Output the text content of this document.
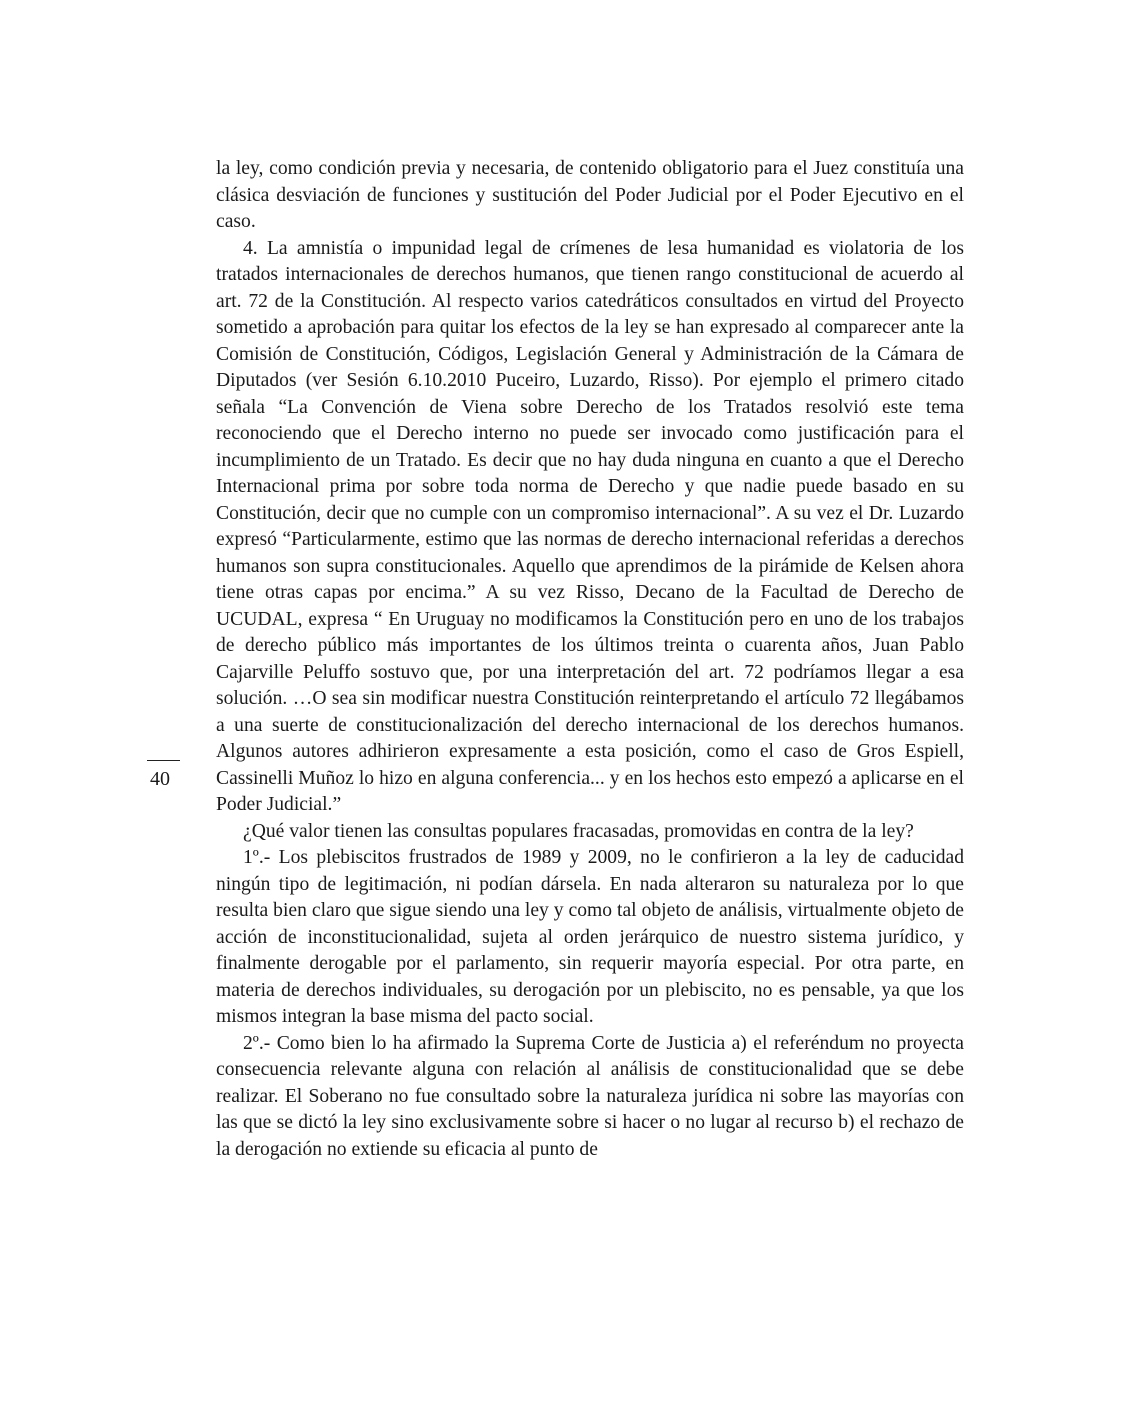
la ley, como condición previa y necesaria, de contenido obligatorio para el Juez constituía una clásica desviación de funciones y sustitución del Poder Judicial por el Poder Ejecutivo en el caso.

4. La amnistía o impunidad legal de crímenes de lesa humanidad es violatoria de los tratados internacionales de derechos humanos, que tienen rango constitucional de acuerdo al art. 72 de la Constitución. Al respecto varios catedráticos consultados en virtud del Proyecto sometido a aprobación para quitar los efectos de la ley se han expresado al comparecer ante la Comisión de Constitución, Códigos, Legislación General y Administración de la Cámara de Diputados (ver Sesión 6.10.2010 Puceiro, Luzardo, Risso). Por ejemplo el primero citado señala “La Convención de Viena sobre Derecho de los Tratados resolvió este tema reconociendo que el Derecho interno no puede ser invocado como justificación para el incumplimiento de un Tratado. Es decir que no hay duda ninguna en cuanto a que el Derecho Internacional prima por sobre toda norma de Derecho y que nadie puede basado en su Constitución, decir que no cumple con un compromiso internacional”. A su vez el Dr. Luzardo expresó “Particularmente, estimo que las normas de derecho internacional referidas a derechos humanos son supra constitucionales. Aquello que aprendimos de la pirámide de Kelsen ahora tiene otras capas por encima.” A su vez Risso, Decano de la Facultad de Derecho de UCUDAL, expresa “ En Uruguay no modificamos la Constitución pero en uno de los trabajos de derecho público más importantes de los últimos treinta o cuarenta años, Juan Pablo Cajarville Peluffo sostuvo que, por una interpretación del art. 72 podríamos llegar a esa solución. …O sea sin modificar nuestra Constitución reinterpretando el artículo 72 llegábamos a una suerte de constitucionalización del derecho internacional de los derechos humanos. Algunos autores adhirieron expresamente a esta posición, como el caso de Gros Espiell, Cassinelli Muñoz lo hizo en alguna conferencia... y en los hechos esto empezó a aplicarse en el Poder Judicial.”

¿Qué valor tienen las consultas populares fracasadas, promovidas en contra de la ley?

1º.- Los plebiscitos frustrados de 1989 y 2009, no le confirieron a la ley de caducidad ningún tipo de legitimación, ni podían dársela. En nada alteraron su naturaleza por lo que resulta bien claro que sigue siendo una ley y como tal objeto de análisis, virtualmente objeto de acción de inconstitucionalidad, sujeta al orden jerárquico de nuestro sistema jurídico, y finalmente derogable por el parlamento, sin requerir mayoría especial. Por otra parte, en materia de derechos individuales, su derogación por un plebiscito, no es pensable, ya que los mismos integran la base misma del pacto social.

2º.- Como bien lo ha afirmado la Suprema Corte de Justicia a) el referéndum no proyecta consecuencia relevante alguna con relación al análisis de constitucionalidad que se debe realizar. El Soberano no fue consultado sobre la naturaleza jurídica ni sobre las mayorías con las que se dictó la ley sino exclusivamente sobre si hacer o no lugar al recurso b) el rechazo de la derogación no extiende su eficacia al punto de

40
